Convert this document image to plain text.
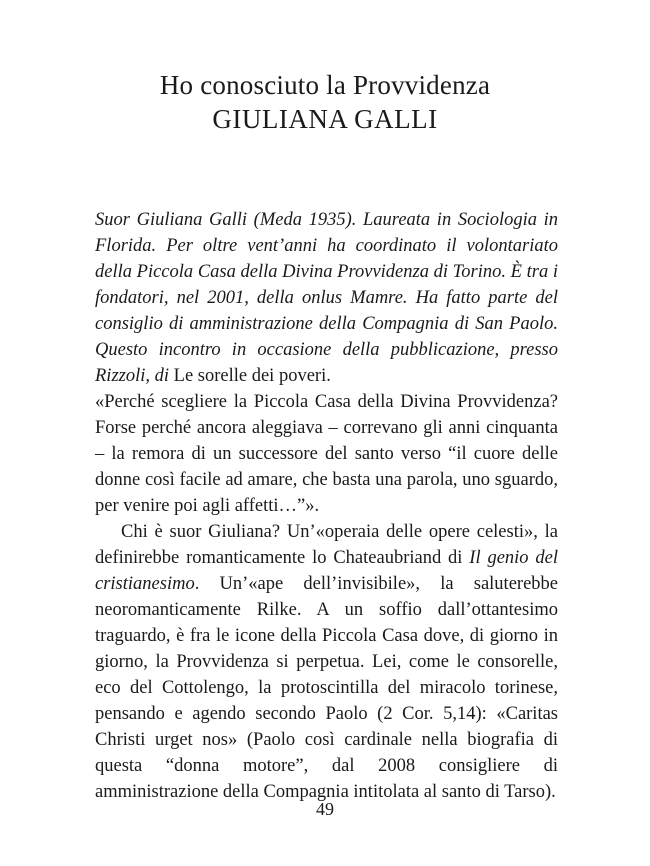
Ho conosciuto la Provvidenza
GIULIANA GALLI
Suor Giuliana Galli (Meda 1935). Laureata in Sociologia in Florida. Per oltre vent’anni ha coordinato il volontariato della Piccola Casa della Divina Provvidenza di Torino. È tra i fondatori, nel 2001, della onlus Mamre. Ha fatto parte del consiglio di amministrazione della Compagnia di San Paolo. Questo incontro in occasione della pubblicazione, presso Rizzoli, di Le sorelle dei poveri.

«Perché scegliere la Piccola Casa della Divina Provvidenza? Forse perché ancora aleggiava – correvano gli anni cinquanta – la remora di un successore del santo verso “il cuore delle donne così facile ad amare, che basta una parola, uno sguardo, per venire poi agli affetti…”».

Chi è suor Giuliana? Un’«operaia delle opere celesti», la definirebbe romanticamente lo Chateaubriand di Il genio del cristianesimo. Un’«ape dell’invisibile», la saluterebbe neoromanticamente Rilke. A un soffio dall’ottantesimo traguardo, è fra le icone della Piccola Casa dove, di giorno in giorno, la Provvidenza si perpetua. Lei, come le consorelle, eco del Cottolengo, la protoscintilla del miracolo torinese, pensando e agendo secondo Paolo (2 Cor. 5,14): «Caritas Christi urget nos» (Paolo così cardinale nella biografia di questa “donna motore”, dal 2008 consigliere di amministrazione della Compagnia intitolata al santo di Tarso).

49
